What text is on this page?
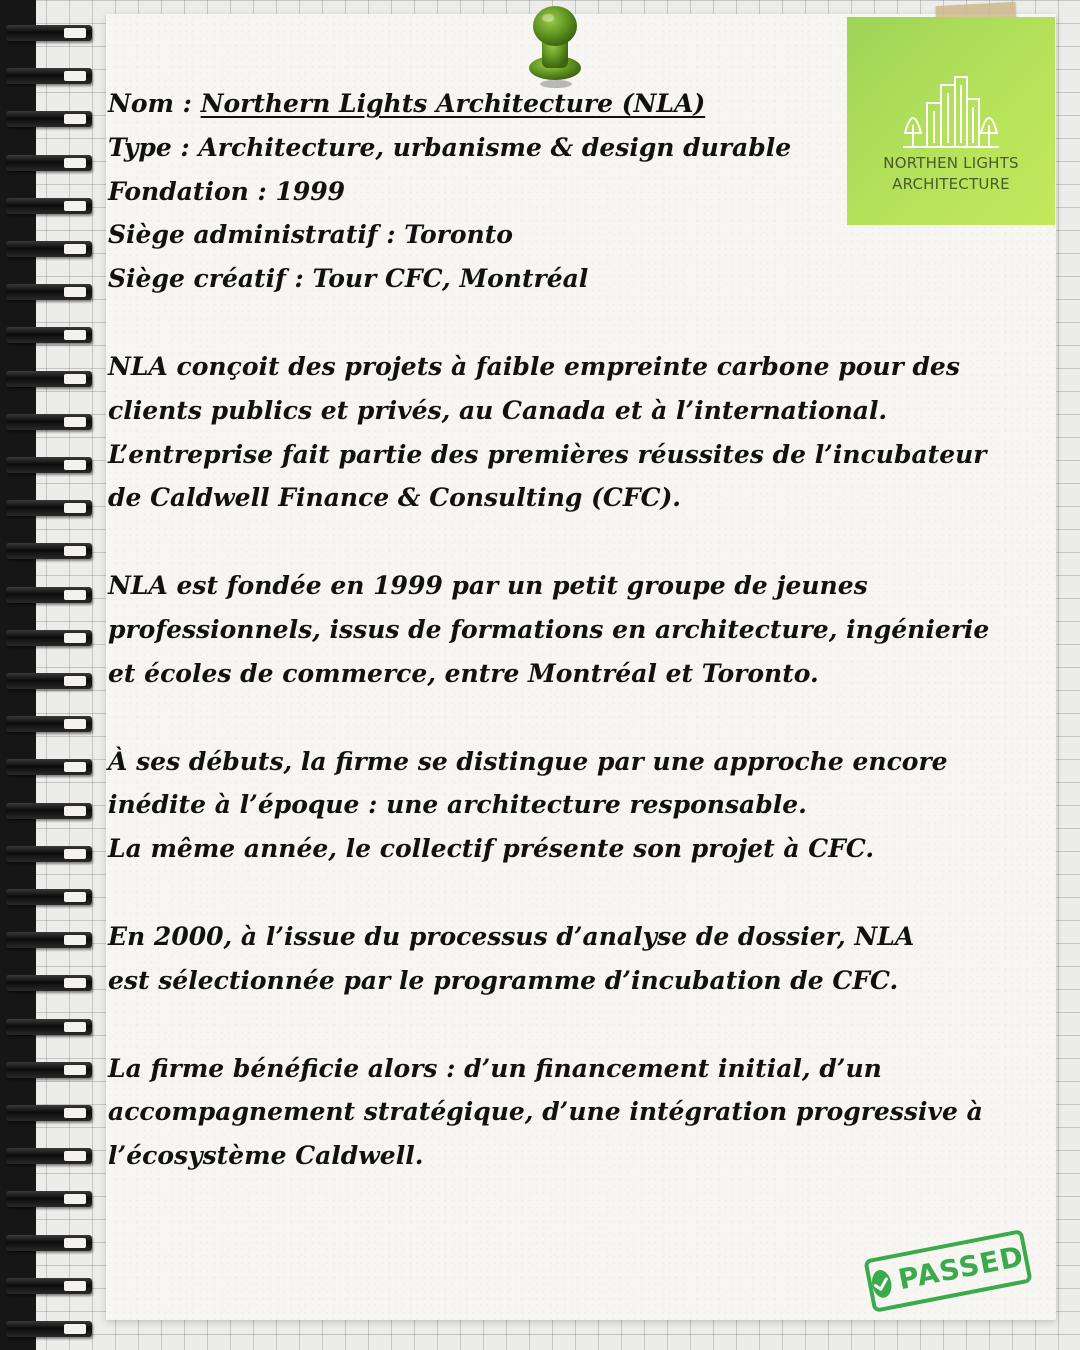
NORTHEN LIGHTS
ARCHITECTURE

Nom : Northern Lights Architecture (NLA)

Type : Architecture, urbanisme & design durable

Fondation : 1999

Siège administratif : Toronto

Siège créatif : Tour CFC, Montréal

NLA conçoit des projets à faible empreinte carbone pour des

clients publics et privés, au Canada et à l’international.

L’entreprise fait partie des premières réussites de l’incubateur

de Caldwell Finance & Consulting (CFC).

NLA est fondée en 1999 par un petit groupe de jeunes

professionnels, issus de formations en architecture, ingénierie

et écoles de commerce, entre Montréal et Toronto.

À ses débuts, la firme se distingue par une approche encore

inédite à l’époque : une architecture responsable.

La même année, le collectif présente son projet à CFC.

En 2000, à l’issue du processus d’analyse de dossier, NLA

est sélectionnée par le programme d’incubation de CFC.

La firme bénéficie alors : d’un financement initial, d’un

accompagnement stratégique, d’une intégration progressive à

l’écosystème Caldwell.

PASSED
